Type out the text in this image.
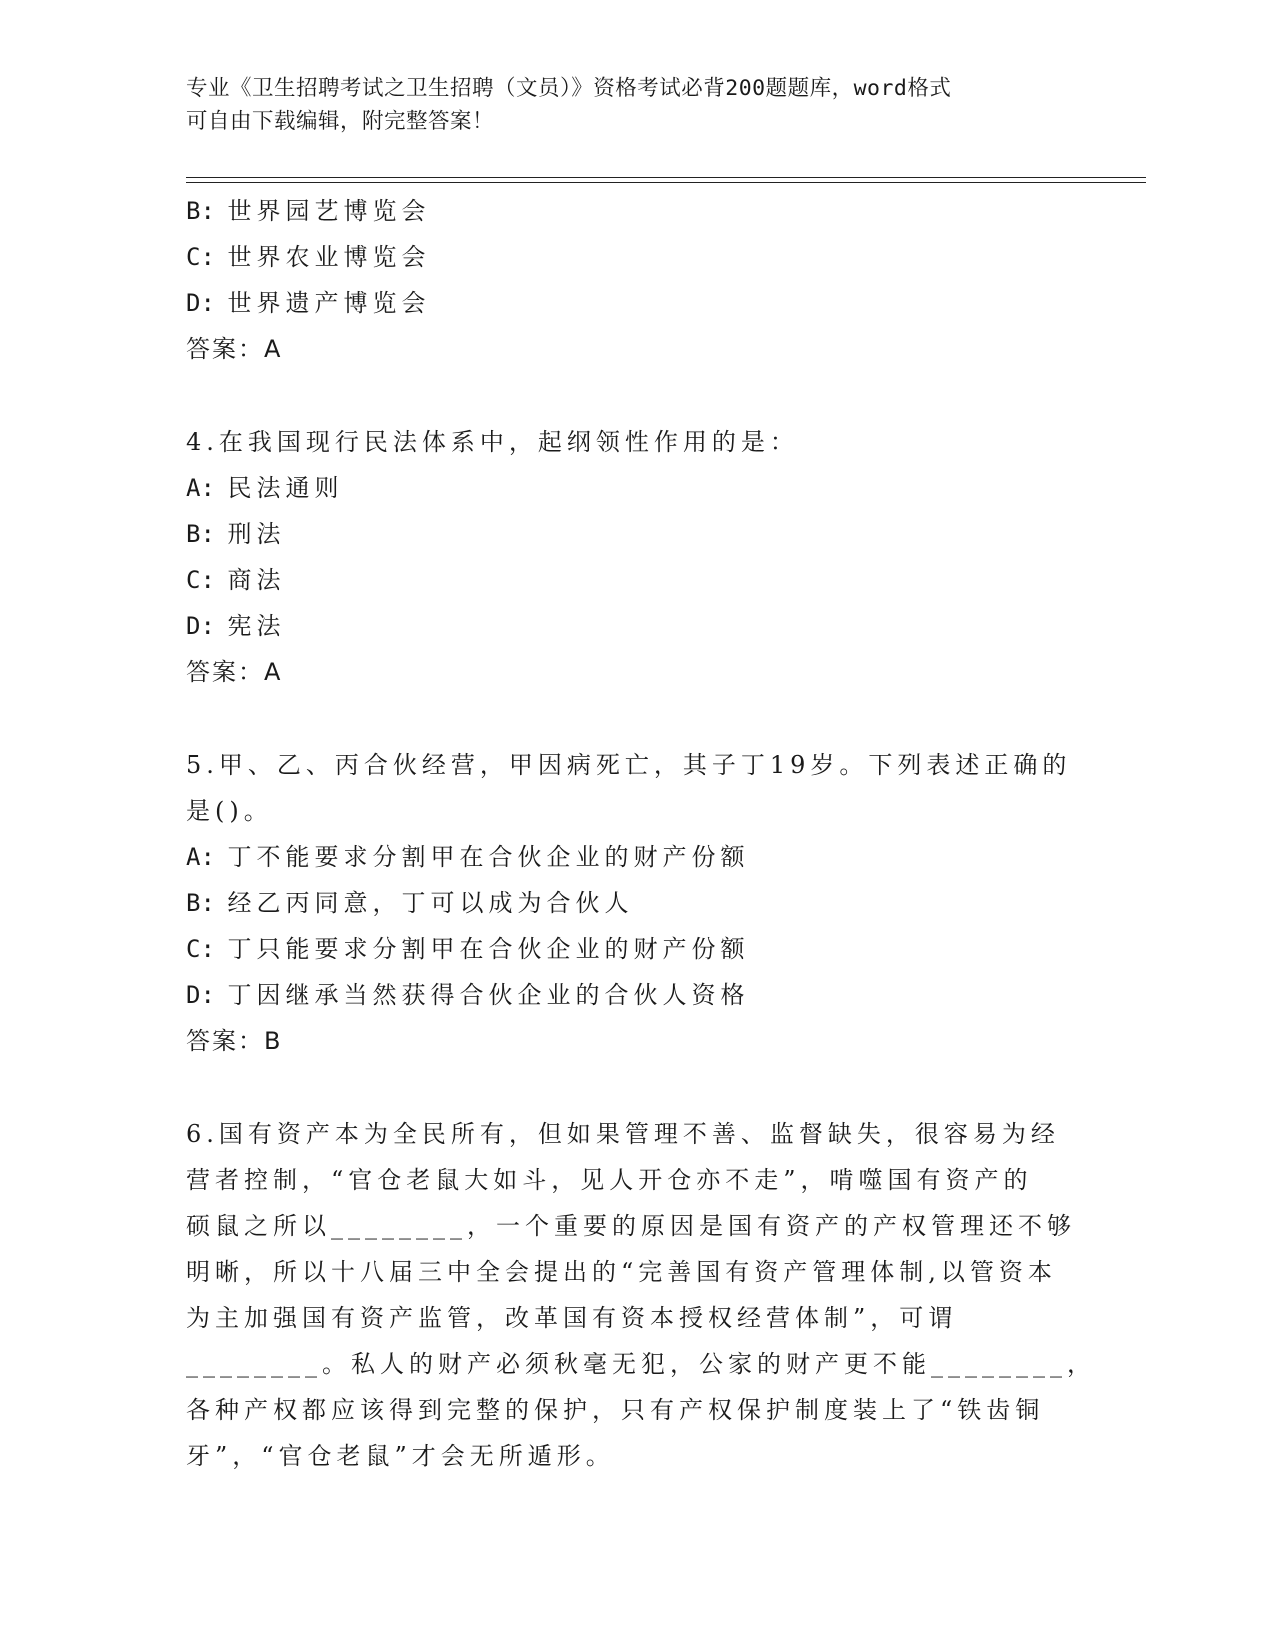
专业《卫生招聘考试之卫生招聘（文员）》资格考试必背200题题库，word格式
可自由下载编辑，附完整答案！
B: 世界园艺博览会
C: 世界农业博览会
D: 世界遗产博览会
答案：A
4.在我国现行民法体系中，起纲领性作用的是：
A: 民法通则
B: 刑法
C: 商法
D: 宪法
答案：A
5.甲、乙、丙合伙经营，甲因病死亡，其子丁19岁。下列表述正确的
是()。
A: 丁不能要求分割甲在合伙企业的财产份额
B: 经乙丙同意，丁可以成为合伙人
C: 丁只能要求分割甲在合伙企业的财产份额
D: 丁因继承当然获得合伙企业的合伙人资格
答案：B
6.国有资产本为全民所有，但如果管理不善、监督缺失，很容易为经
营者控制，“官仓老鼠大如斗，见人开仓亦不走”，啃噬国有资产的
硕鼠之所以________，一个重要的原因是国有资产的产权管理还不够
明晰，所以十八届三中全会提出的“完善国有资产管理体制,以管资本
为主加强国有资产监管，改革国有资本授权经营体制”，可谓
________。私人的财产必须秋毫无犯，公家的财产更不能________，
各种产权都应该得到完整的保护，只有产权保护制度装上了“铁齿铜
牙”，“官仓老鼠”才会无所遁形。
